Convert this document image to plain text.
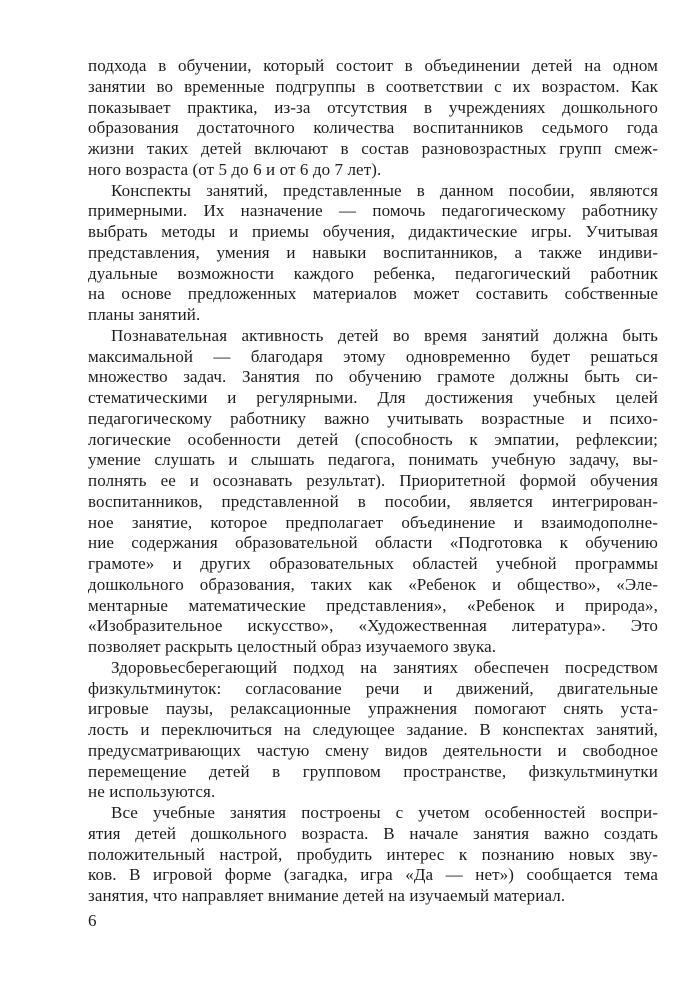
подхода в обучении, который состоит в объединении детей на одном
занятии во временные подгруппы в соответствии с их возрастом. Как
показывает практика, из-за отсутствия в учреждениях дошкольного
образования достаточного количества воспитанников седьмого года
жизни таких детей включают в состав разновозрастных групп смеж-
ного возраста (от 5 до 6 и от 6 до 7 лет).
Конспекты занятий, представленные в данном пособии, являются
примерными. Их назначение — помочь педагогическому работнику
выбрать методы и приемы обучения, дидактические игры. Учитывая
представления, умения и навыки воспитанников, а также индиви-
дуальные возможности каждого ребенка, педагогический работник
на основе предложенных материалов может составить собственные
планы занятий.
Познавательная активность детей во время занятий должна быть
максимальной — благодаря этому одновременно будет решаться
множество задач. Занятия по обучению грамоте должны быть си-
стематическими и регулярными. Для достижения учебных целей
педагогическому работнику важно учитывать возрастные и психо-
логические особенности детей (способность к эмпатии, рефлексии;
умение слушать и слышать педагога, понимать учебную задачу, вы-
полнять ее и осознавать результат). Приоритетной формой обучения
воспитанников, представленной в пособии, является интегрирован-
ное занятие, которое предполагает объединение и взаимодополне-
ние содержания образовательной области «Подготовка к обучению
грамоте» и других образовательных областей учебной программы
дошкольного образования, таких как «Ребенок и общество», «Эле-
ментарные математические представления», «Ребенок и природа»,
«Изобразительное искусство», «Художественная литература». Это
позволяет раскрыть целостный образ изучаемого звука.
Здоровьесберегающий подход на занятиях обеспечен посредством
физкультминуток: согласование речи и движений, двигательные
игровые паузы, релаксационные упражнения помогают снять уста-
лость и переключиться на следующее задание. В конспектах занятий,
предусматривающих частую смену видов деятельности и свободное
перемещение детей в групповом пространстве, физкультминутки
не используются.
Все учебные занятия построены с учетом особенностей воспри-
ятия детей дошкольного возраста. В начале занятия важно создать
положительный настрой, пробудить интерес к познанию новых зву-
ков. В игровой форме (загадка, игра «Да — нет») сообщается тема
занятия, что направляет внимание детей на изучаемый материал.
6
